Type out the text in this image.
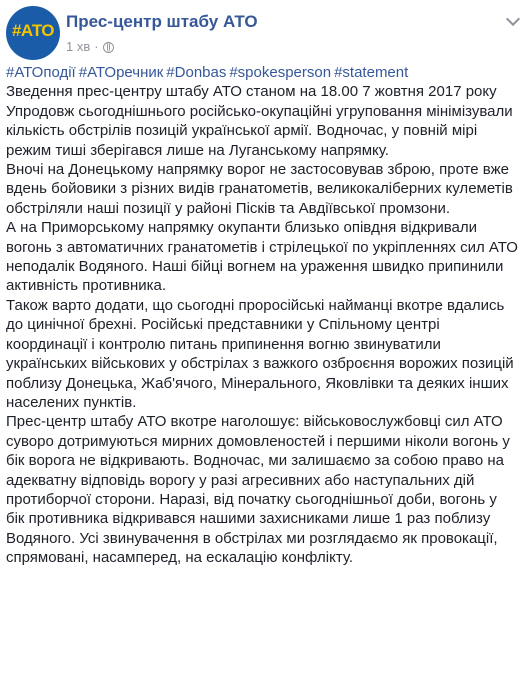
#АТО Прес-центр штабу АТО
1 хв ·
#АТОподії #АТОречник #Donbas #spokesperson #statement

Зведення прес-центру штабу АТО станом на 18.00 7 жовтня 2017 року

Упродовж сьогоднішнього російсько-окупаційні угруповання мінімізували кількість обстрілів позицій української армії. Водночас, у повній мірі режим тиші зберігався лише на Луганському напрямку.

Вночі на Донецькому напрямку ворог не застосовував зброю, проте вже вдень бойовики з різних видів гранатометів, великокаліберних кулеметів обстріляли наші позиції у районі Пісків та Авдіївської промзони.

А на Приморському напрямку окупанти близько опівдня відкривали вогонь з автоматичних гранатометів і стрілецької по укріпленнях сил АТО неподалік Водяного. Наші бійці вогнем на ураження швидко припинили активність противника.

Також варто додати, що сьогодні проросійські найманці вкотре вдались до цинічної брехні. Російські представники у Спільному центрі координації і контролю питань припинення вогню звинуватили українських військових у обстрілах з важкого озброєння ворожих позицій поблизу Донецька, Жаб'ячого, Мінерального, Яковлівки та деяких інших населених пунктів.

Прес-центр штабу АТО вкотре наголошує: військовослужбовці сил АТО суворо дотримуються мирних домовленостей і першими ніколи вогонь у бік ворога не відкривають. Водночас, ми залишаємо за собою право на адекватну відповідь ворогу у разі агресивних або наступальних дій протиборчої сторони. Наразі, від початку сьогоднішньої доби, вогонь у бік противника відкривався нашими захисниками лише 1 раз поблизу Водяного. Усі звинувачення в обстрілах ми розглядаємо як провокації, спрямовані, насамперед, на ескалацію конфлікту.
